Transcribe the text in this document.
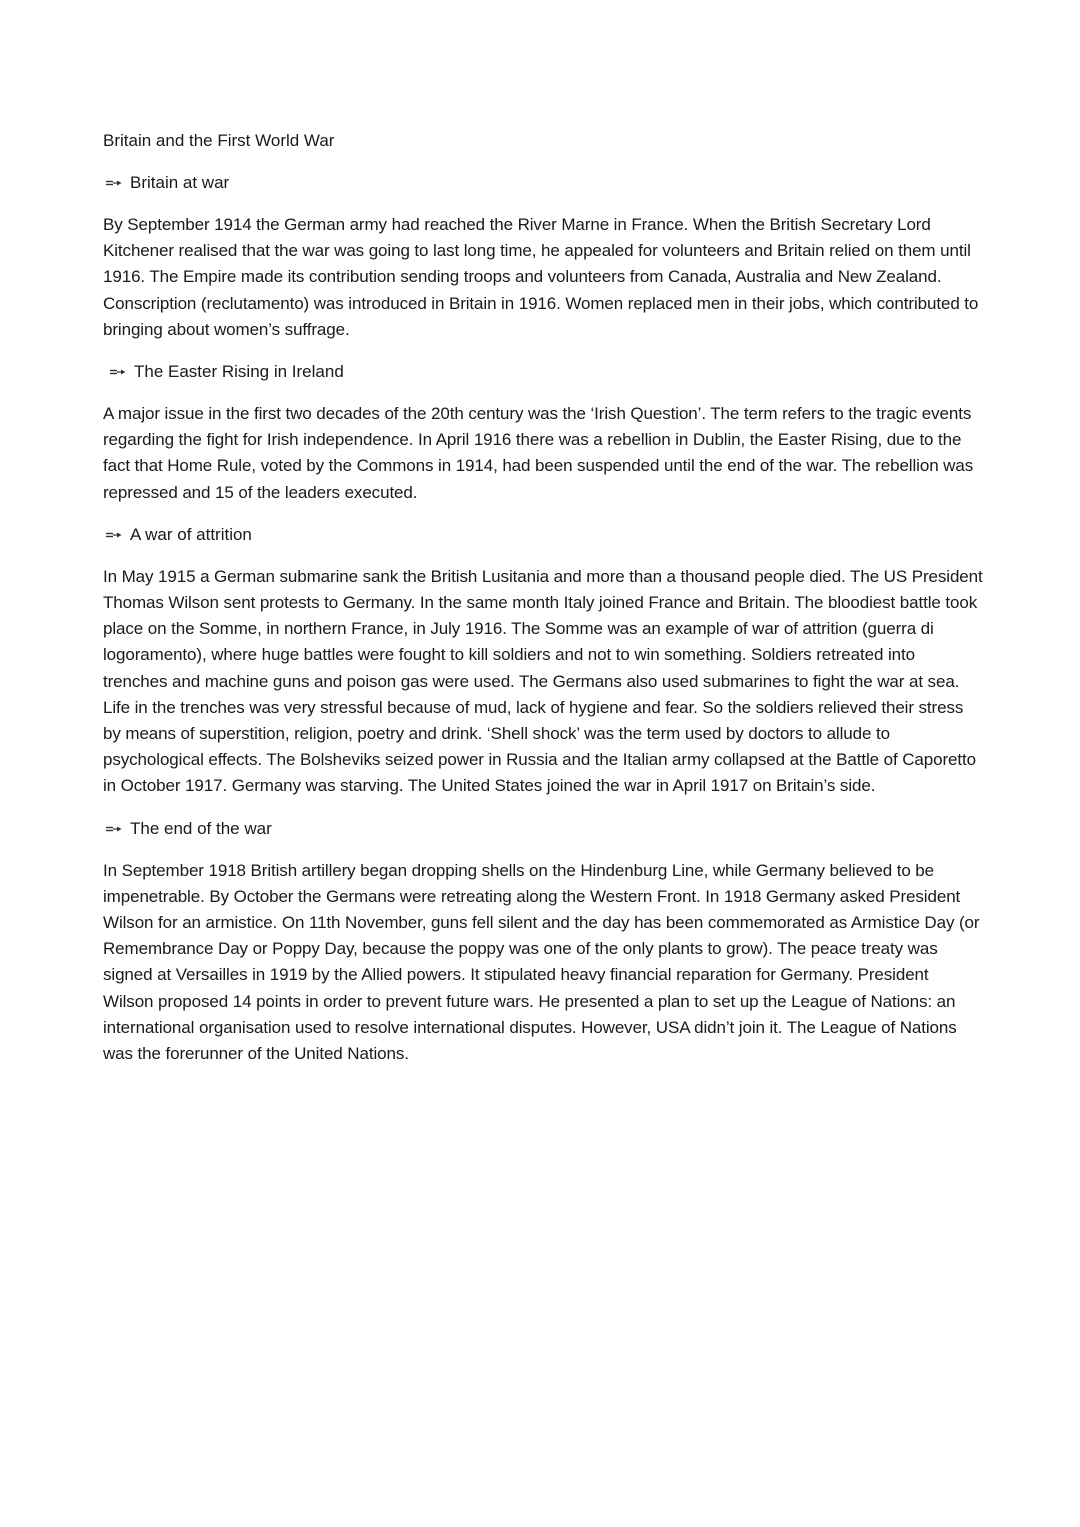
Britain and the First World War
Britain at war

By September 1914 the German army had reached the River Marne in France. When the British Secretary Lord Kitchener realised that the war was going to last long time, he appealed for volunteers and Britain relied on them until 1916. The Empire made its contribution sending troops and volunteers from Canada, Australia and New Zealand. Conscription (reclutamento) was introduced in Britain in 1916. Women replaced men in their jobs, which contributed to bringing about women’s suffrage.

The Easter Rising in Ireland

A major issue in the first two decades of the 20th century was the ‘Irish Question’. The term refers to the tragic events regarding the fight for Irish independence. In April 1916 there was a rebellion in Dublin, the Easter Rising, due to the fact that Home Rule, voted by the Commons in 1914, had been suspended until the end of the war. The rebellion was repressed and 15 of the leaders executed.

A war of attrition

In May 1915 a German submarine sank the British Lusitania and more than a thousand people died. The US President Thomas Wilson sent protests to Germany. In the same month Italy joined France and Britain. The bloodiest battle took place on the Somme, in northern France, in July 1916. The Somme was an example of war of attrition (guerra di logoramento), where huge battles were fought to kill soldiers and not to win something. Soldiers retreated into trenches and machine guns and poison gas were used. The Germans also used submarines to fight the war at sea. Life in the trenches was very stressful because of mud, lack of hygiene and fear. So the soldiers relieved their stress by means of superstition, religion, poetry and drink. ‘Shell shock’ was the term used by doctors to allude to psychological effects. The Bolsheviks seized power in Russia and the Italian army collapsed at the Battle of Caporetto in October 1917. Germany was starving. The United States joined the war in April 1917 on Britain’s side.

The end of the war

In September 1918 British artillery began dropping shells on the Hindenburg Line, while Germany believed to be impenetrable. By October the Germans were retreating along the Western Front. In 1918 Germany asked President Wilson for an armistice. On 11th November, guns fell silent and the day has been commemorated as Armistice Day (or Remembrance Day or Poppy Day, because the poppy was one of the only plants to grow). The peace treaty was signed at Versailles in 1919 by the Allied powers. It stipulated heavy financial reparation for Germany. President Wilson proposed 14 points in order to prevent future wars. He presented a plan to set up the League of Nations: an international organisation used to resolve international disputes. However, USA didn’t join it. The League of Nations was the forerunner of the United Nations.
